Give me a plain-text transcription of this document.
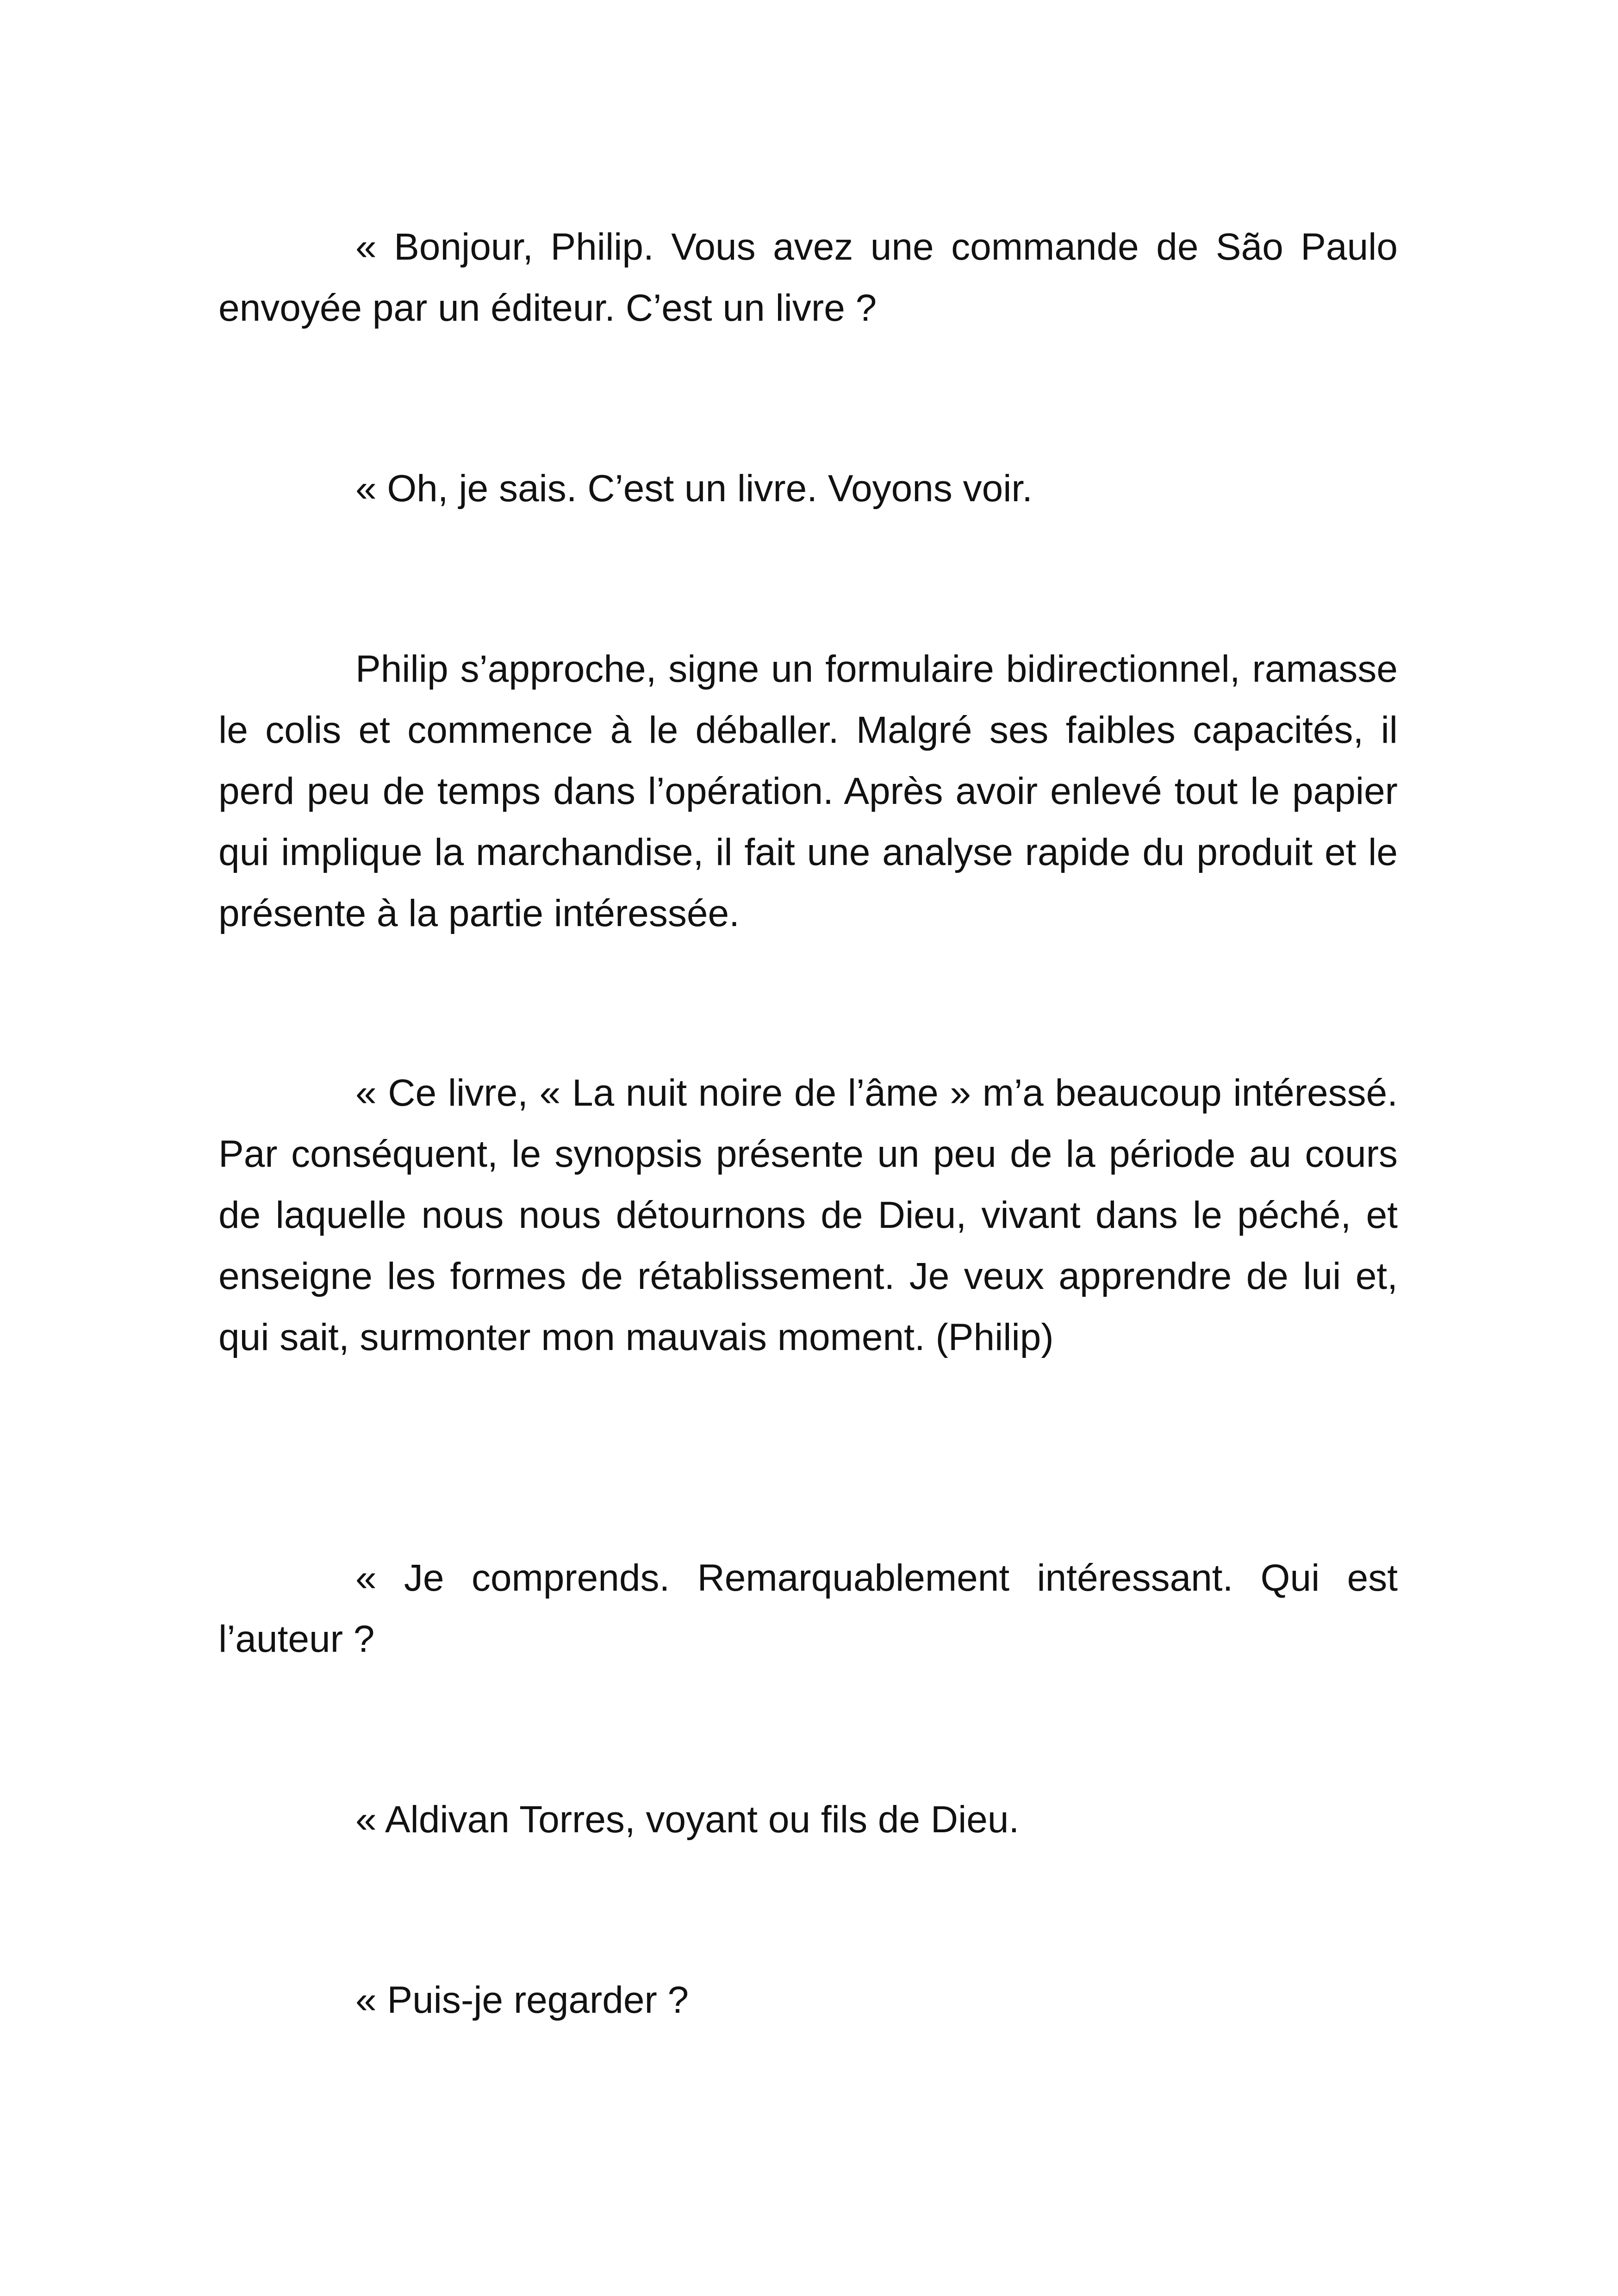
« Bonjour, Philip. Vous avez une commande de São Paulo envoyée par un éditeur. C’est un livre ?

« Oh, je sais. C’est un livre. Voyons voir.

Philip s’approche, signe un formulaire bidirectionnel, ramasse le colis et commence à le déballer. Malgré ses faibles capacités, il perd peu de temps dans l’opération. Après avoir enlevé tout le papier qui implique la marchandise, il fait une analyse rapide du produit et le présente à la partie intéressée.

« Ce livre, « La nuit noire de l’âme » m’a beaucoup intéressé. Par conséquent, le synopsis présente un peu de la période au cours de laquelle nous nous détournons de Dieu, vivant dans le péché, et enseigne les formes de rétablissement. Je veux apprendre de lui et, qui sait, surmonter mon mauvais moment. (Philip)

« Je comprends. Remarquablement intéressant. Qui est l’auteur ?

« Aldivan Torres, voyant ou fils de Dieu.

« Puis-je regarder ?
